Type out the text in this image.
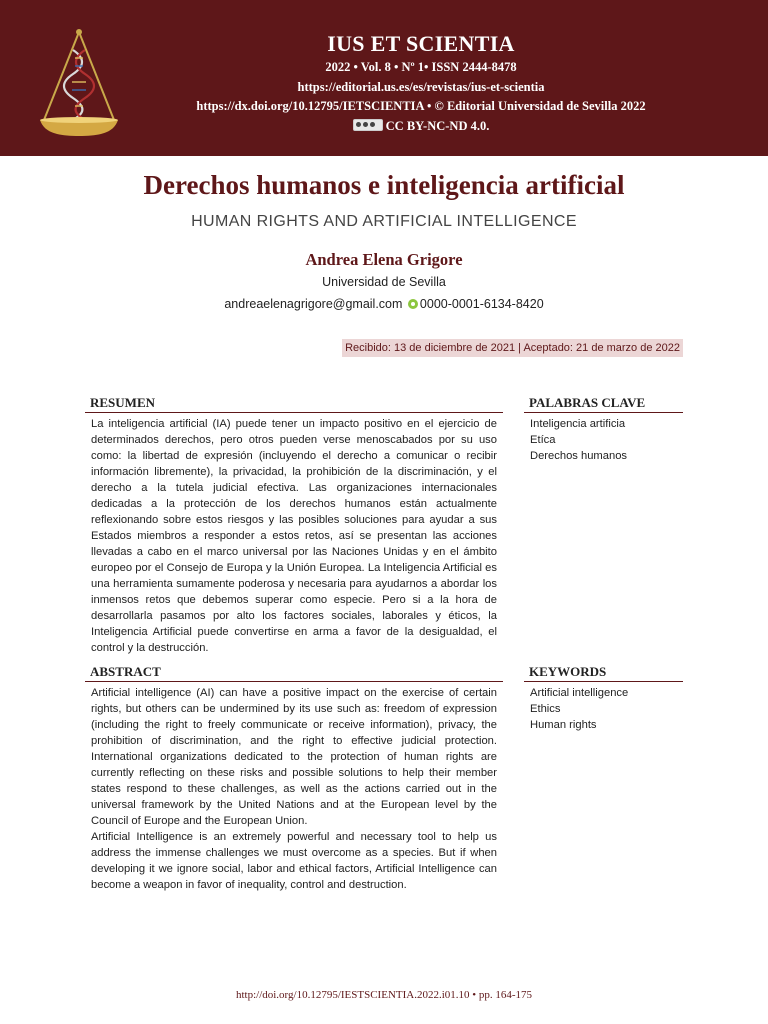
IUS ET SCIENTIA
2022 • Vol. 8 • Nº 1• ISSN 2444-8478
https://editorial.us.es/es/revistas/ius-et-scientia
https://dx.doi.org/10.12795/IETSCIENTIA • © Editorial Universidad de Sevilla 2022
CC BY-NC-ND 4.0.
Derechos humanos e inteligencia artificial
HUMAN RIGHTS AND ARTIFICIAL INTELLIGENCE
Andrea Elena Grigore
Universidad de Sevilla
andreaelenagrigore@gmail.com 0000-0001-6134-8420
Recibido: 13 de diciembre de 2021 | Aceptado: 21 de marzo de 2022
RESUMEN
La inteligencia artificial (IA) puede tener un impacto positivo en el ejercicio de determinados derechos, pero otros pueden verse menoscabados por su uso como: la libertad de expresión (incluyendo el derecho a comunicar o recibir información libremente), la privacidad, la prohibición de la discriminación, y el derecho a la tutela judicial efectiva. Las organizaciones internacionales dedicadas a la protección de los derechos humanos están actualmente reflexionando sobre estos riesgos y las posibles soluciones para ayudar a sus Estados miembros a responder a estos retos, así se presentan las acciones llevadas a cabo en el marco universal por las Naciones Unidas y en el ámbito europeo por el Consejo de Europa y la Unión Europea. La Inteligencia Artificial es una herramienta sumamente poderosa y necesaria para ayudarnos a abordar los inmensos retos que debemos superar como especie. Pero si a la hora de desarrollarla pasamos por alto los factores sociales, laborales y éticos, la Inteligencia Artificial puede convertirse en arma a favor de la desigualdad, el control y la destrucción.
PALABRAS CLAVE
Inteligencia artificia
Etíca
Derechos humanos
ABSTRACT
Artificial intelligence (AI) can have a positive impact on the exercise of certain rights, but others can be undermined by its use such as: freedom of expression (including the right to freely communicate or receive information), privacy, the prohibition of discrimination, and the right to effective judicial protection. International organizations dedicated to the protection of human rights are currently reflecting on these risks and possible solutions to help their member states respond to these challenges, as well as the actions carried out in the universal framework by the United Nations and at the European level by the Council of Europe and the European Union.
Artificial Intelligence is an extremely powerful and necessary tool to help us address the immense challenges we must overcome as a species. But if when developing it we ignore social, labor and ethical factors, Artificial Intelligence can become a weapon in favor of inequality, control and destruction.
KEYWORDS
Artificial intelligence
Ethics
Human rights
http://doi.org/10.12795/IESTSCIENTIA.2022.i01.10 • pp. 164-175
